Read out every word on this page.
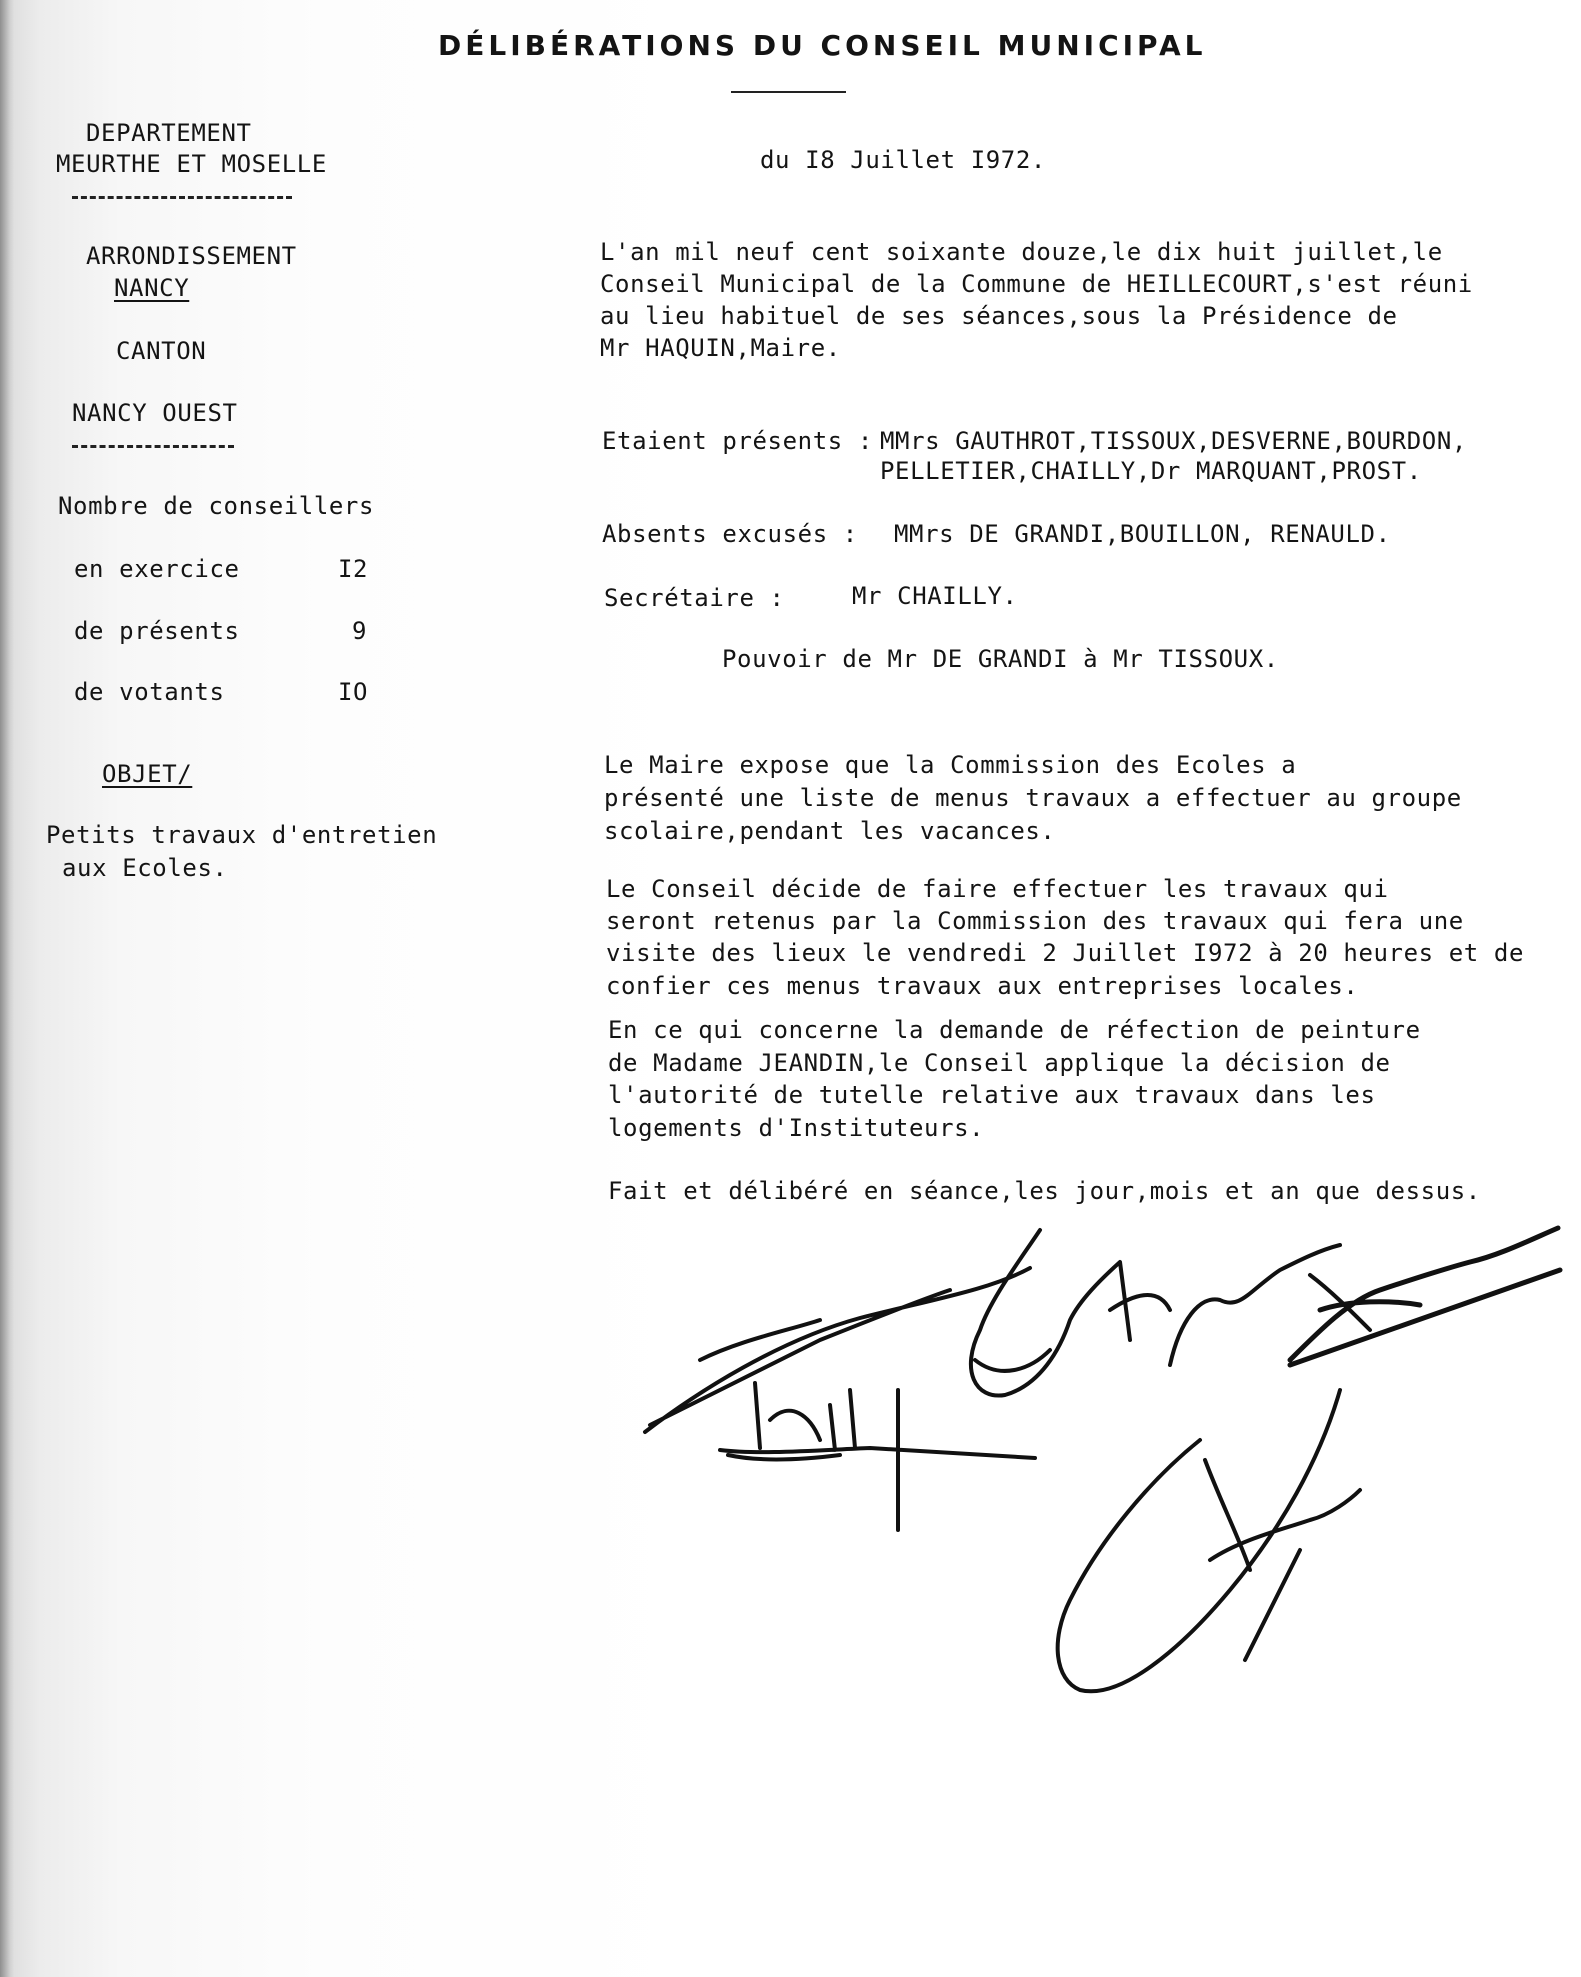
DÉLIBÉRATIONS DU CONSEIL MUNICIPAL
DEPARTEMENT
MEURTHE ET MOSELLE
ARRONDISSEMENT
NANCY
CANTON
NANCY OUEST
Nombre de conseillers
en exercice	I2
de présents	9
de votants	IO
OBJET/
Petits travaux d'entretien
aux Ecoles.
du I8 Juillet I972.
L'an mil neuf cent soixante douze,le dix huit juillet,le
Conseil Municipal de la Commune de HEILLECOURT,s'est réuni
au lieu habituel de ses séances,sous la Présidence de
Mr HAQUIN,Maire.
Etaient présents : MMrs GAUTHROT,TISSOUX,DESVERNE,BOURDON,
PELLETIER,CHAILLY,Dr MARQUANT,PROST.
Absents excusés : MMrs DE GRANDI,BOUILLON, RENAULD.
Secrétaire :	Mr CHAILLY.
Pouvoir de Mr DE GRANDI à Mr TISSOUX.
Le Maire expose que la Commission des Ecoles a
présenté une liste de menus travaux a effectuer au groupe
scolaire,pendant les vacances.
Le Conseil décide de faire effectuer les travaux qui
seront retenus par la Commission des travaux qui fera une
visite des lieux le vendredi 2 Juillet I972 à 20 heures et de
confier ces menus travaux aux entreprises locales.
En ce qui concerne la demande de réfection de peinture
de Madame JEANDIN,le Conseil applique la décision de
l'autorité de tutelle relative aux travaux dans les
logements d'Instituteurs.
Fait et délibéré en séance,les jour,mois et an que dessus.
